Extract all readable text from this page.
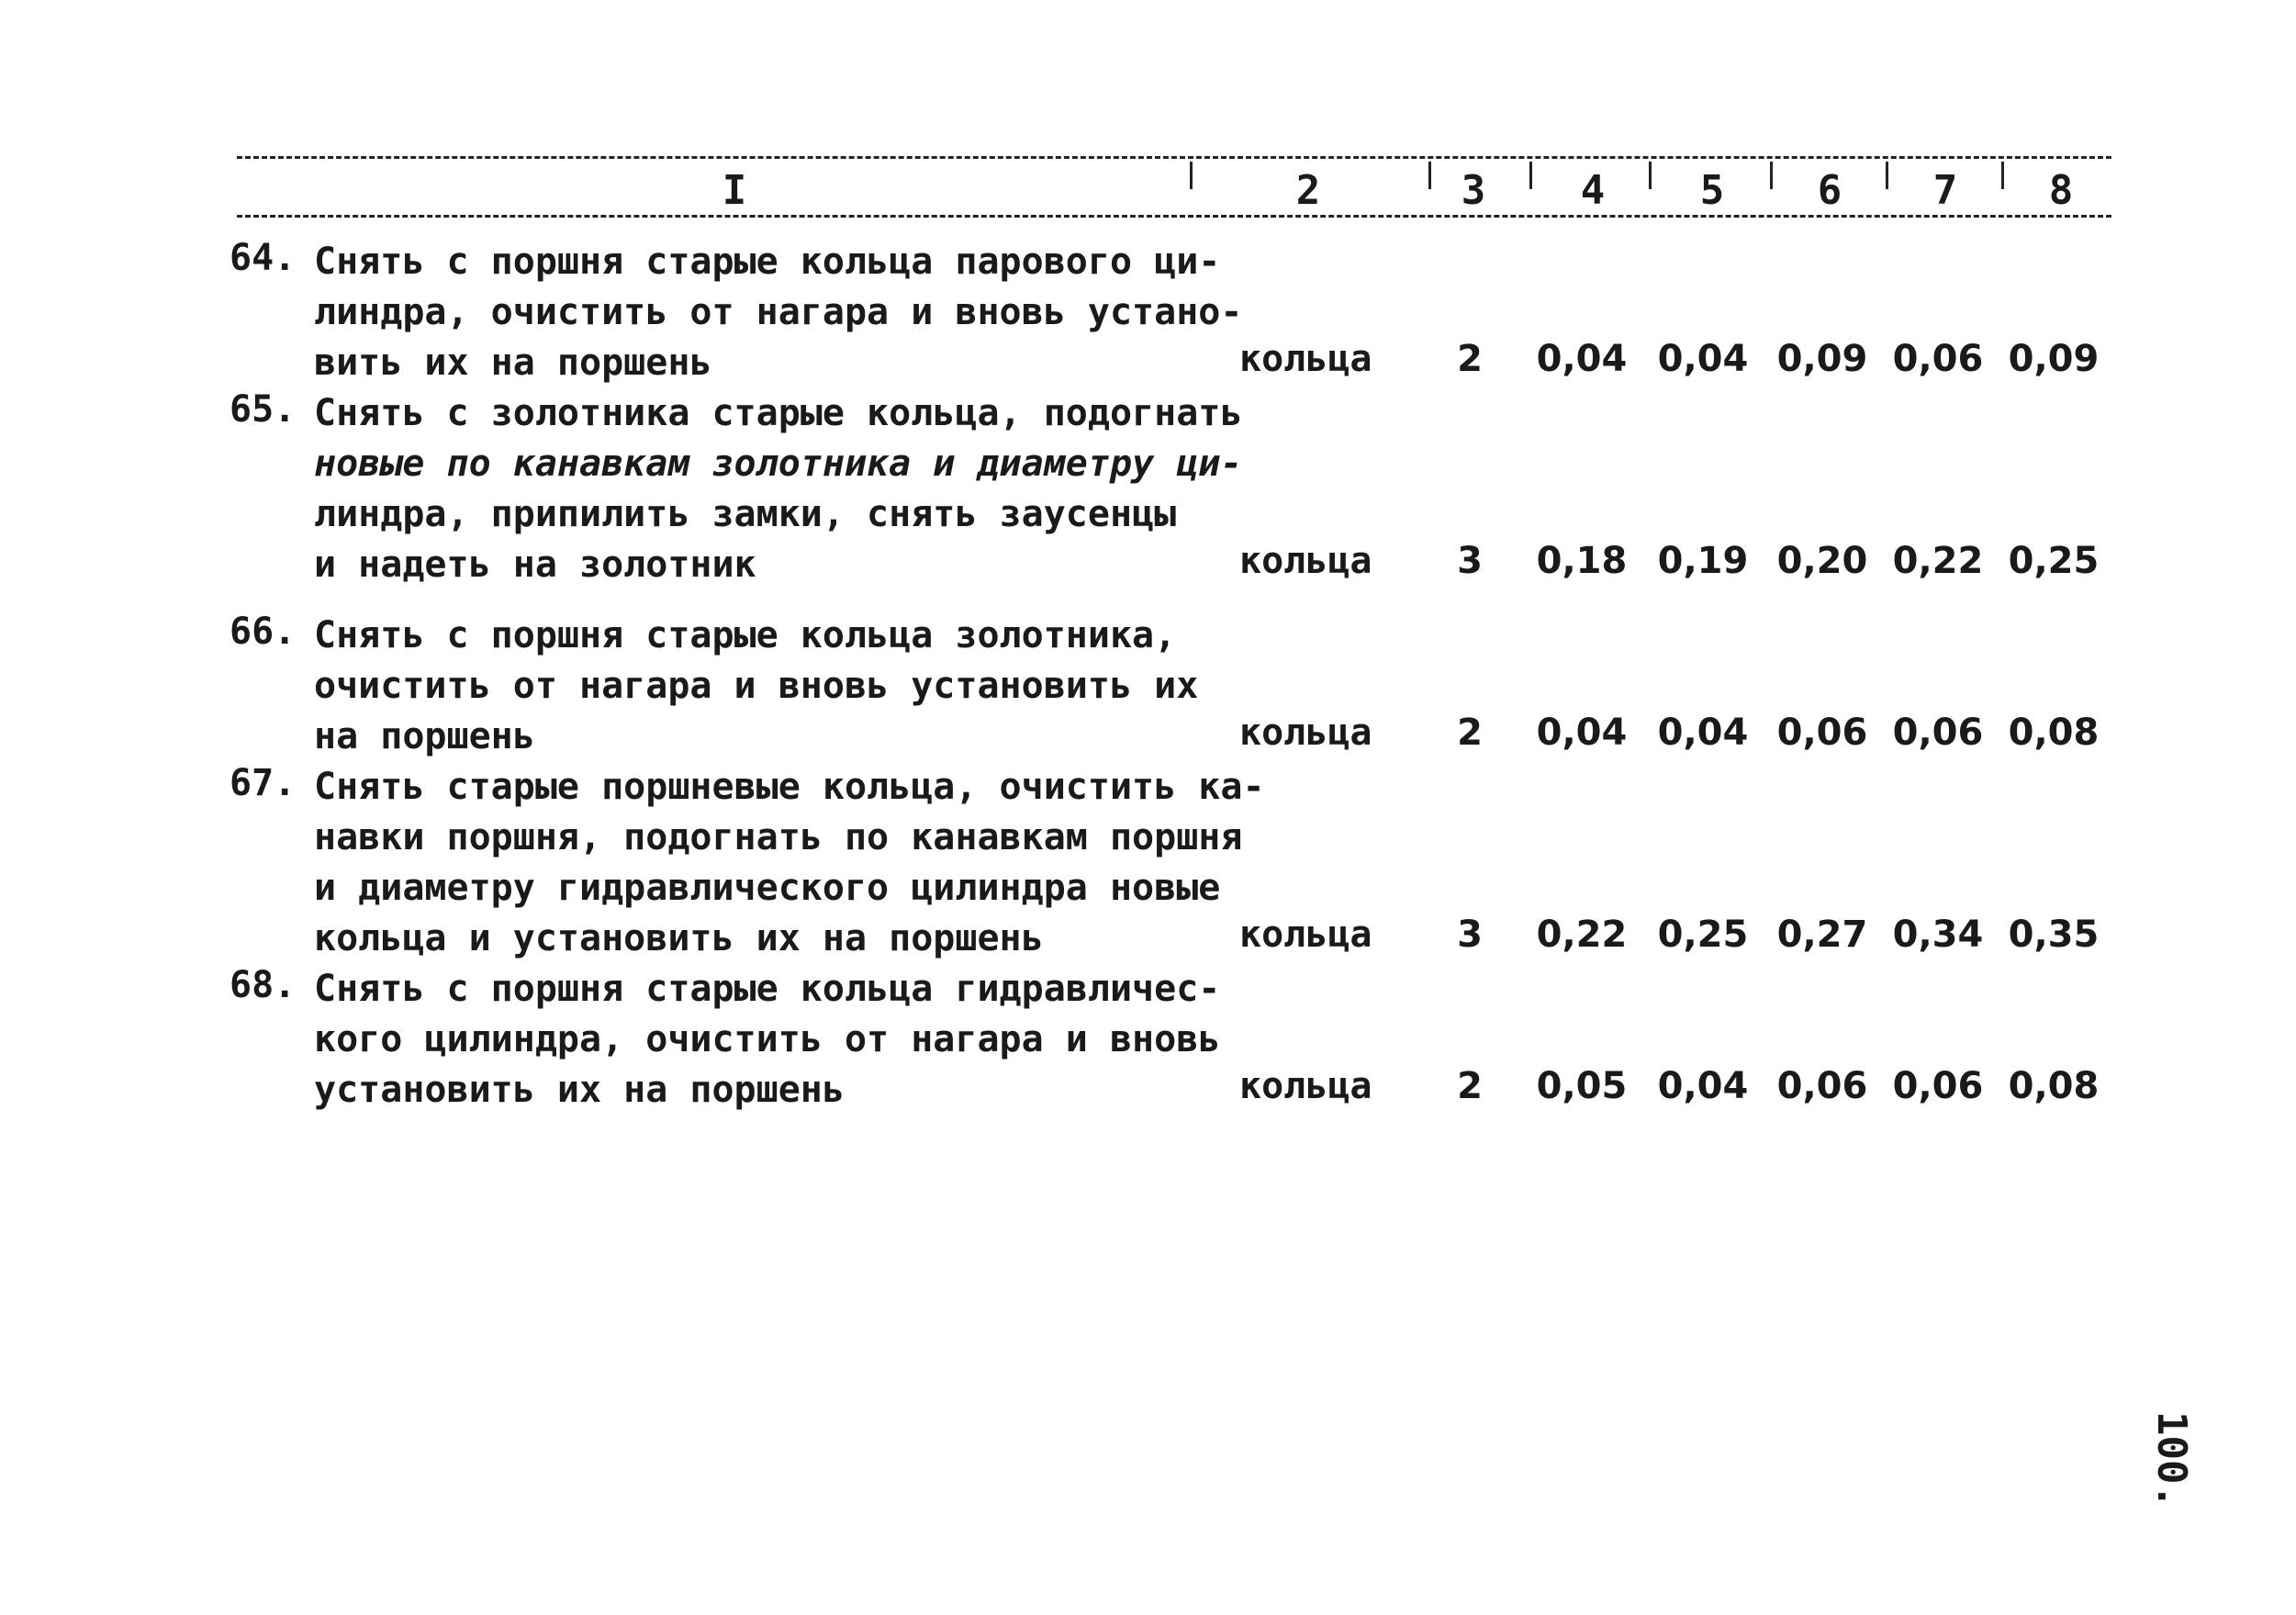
I	2	3	4	5	6	7	8
64. Снять с поршня старые кольца парового ци-
линдра, очистить от нагара и вновь устано-
вить их на поршень	кольца	2	0,04 0,04 0,09 0,06 0,09
65. Снять с золотника старые кольца, подогнать
новые по канавкам золотника и диаметру ци-
линдра, припилить замки, снять заусенцы
и надеть на золотник	кольца	3	0,18 0,19 0,20 0,22 0,25
66. Снять с поршня старые кольца золотника,
очистить от нагара и вновь установить их
на поршень	кольца	2	0,04 0,04 0,06 0,06 0,08
67. Снять старые поршневые кольца, очистить ка-
навки поршня, подогнать по канавкам поршня
и диаметру гидравлического цилиндра новые
кольца и установить их на поршень	кольца	3	0,22 0,25 0,27 0,34 0,35
68. Снять с поршня старые кольца гидравличес-
кого цилиндра, очистить от нагара и вновь
установить их на поршень	кольца	2	0,05 0,04 0,06 0,06 0,08
100.
